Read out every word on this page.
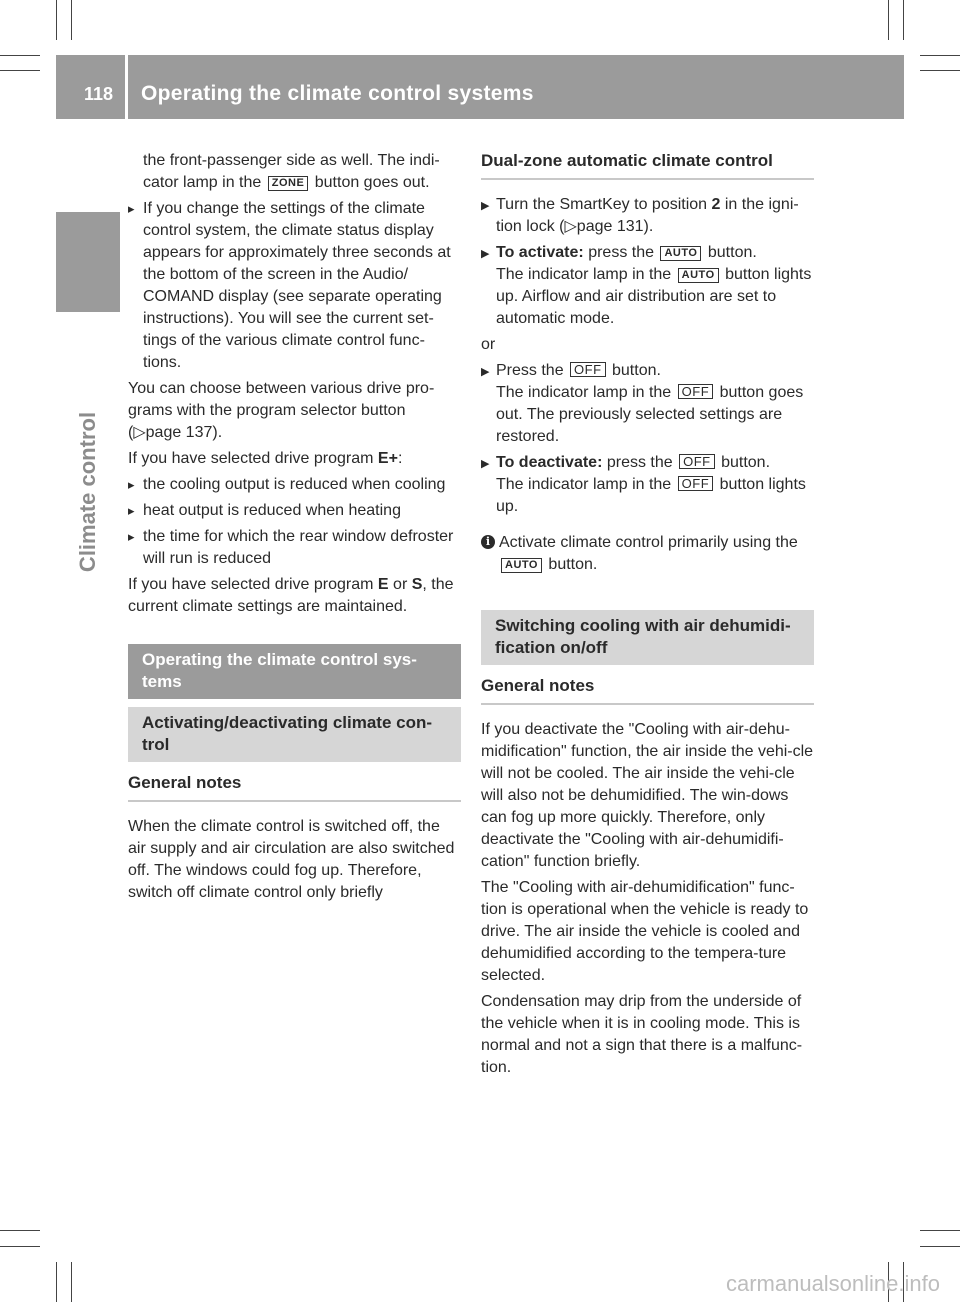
118	Operating the climate control systems
Climate control

the front-passenger side as well. The indi-cator lamp in the ZONE button goes out.

▸ If you change the settings of the climate control system, the climate status display appears for approximately three seconds at the bottom of the screen in the Audio/ COMAND display (see separate operating instructions). You will see the current set-tings of the various climate control func-tions.

You can choose between various drive pro-grams with the program selector button
(▷ page 137 ).

If you have selected drive program E+:

▸ the cooling output is reduced when cooling

▸ heat output is reduced when heating

▸ the time for which the rear window defroster will run is reduced

If you have selected drive program E or S, the current climate settings are maintained.

Operating the climate control sys-tems
Activating/deactivating climate con-trol
General notes

When the climate control is switched off, the air supply and air circulation are also switched off. The windows could fog up. Therefore, switch off climate control only briefly

Dual-zone automatic climate control

▶ Turn the SmartKey to position 2 in the igni-tion lock (▷ page 131 ).

▶ To activate: press the AUTO button.
The indicator lamp in the AUTO button lights up. Airflow and air distribution are set to automatic mode.

or

▶ Press the OFF button.
The indicator lamp in the OFF button goes out. The previously selected settings are restored.

▶ To deactivate: press the OFF button.
The indicator lamp in the OFF button lights up.

i Activate climate control primarily using the AUTO button.
Switching cooling with air dehumidi-fication on/off
General notes

If you deactivate the "Cooling with air-dehu-midification" function, the air inside the vehi-cle will not be cooled. The air inside the vehi-cle will also not be dehumidified. The win-dows can fog up more quickly. Therefore, only deactivate the "Cooling with air-dehumidifi-cation" function briefly.

The "Cooling with air-dehumidification" func-tion is operational when the vehicle is ready to drive. The air inside the vehicle is cooled and dehumidified according to the tempera-ture selected.

Condensation may drip from the underside of the vehicle when it is in cooling mode. This is normal and not a sign that there is a malfunc-tion.

carmanualsonline.info
